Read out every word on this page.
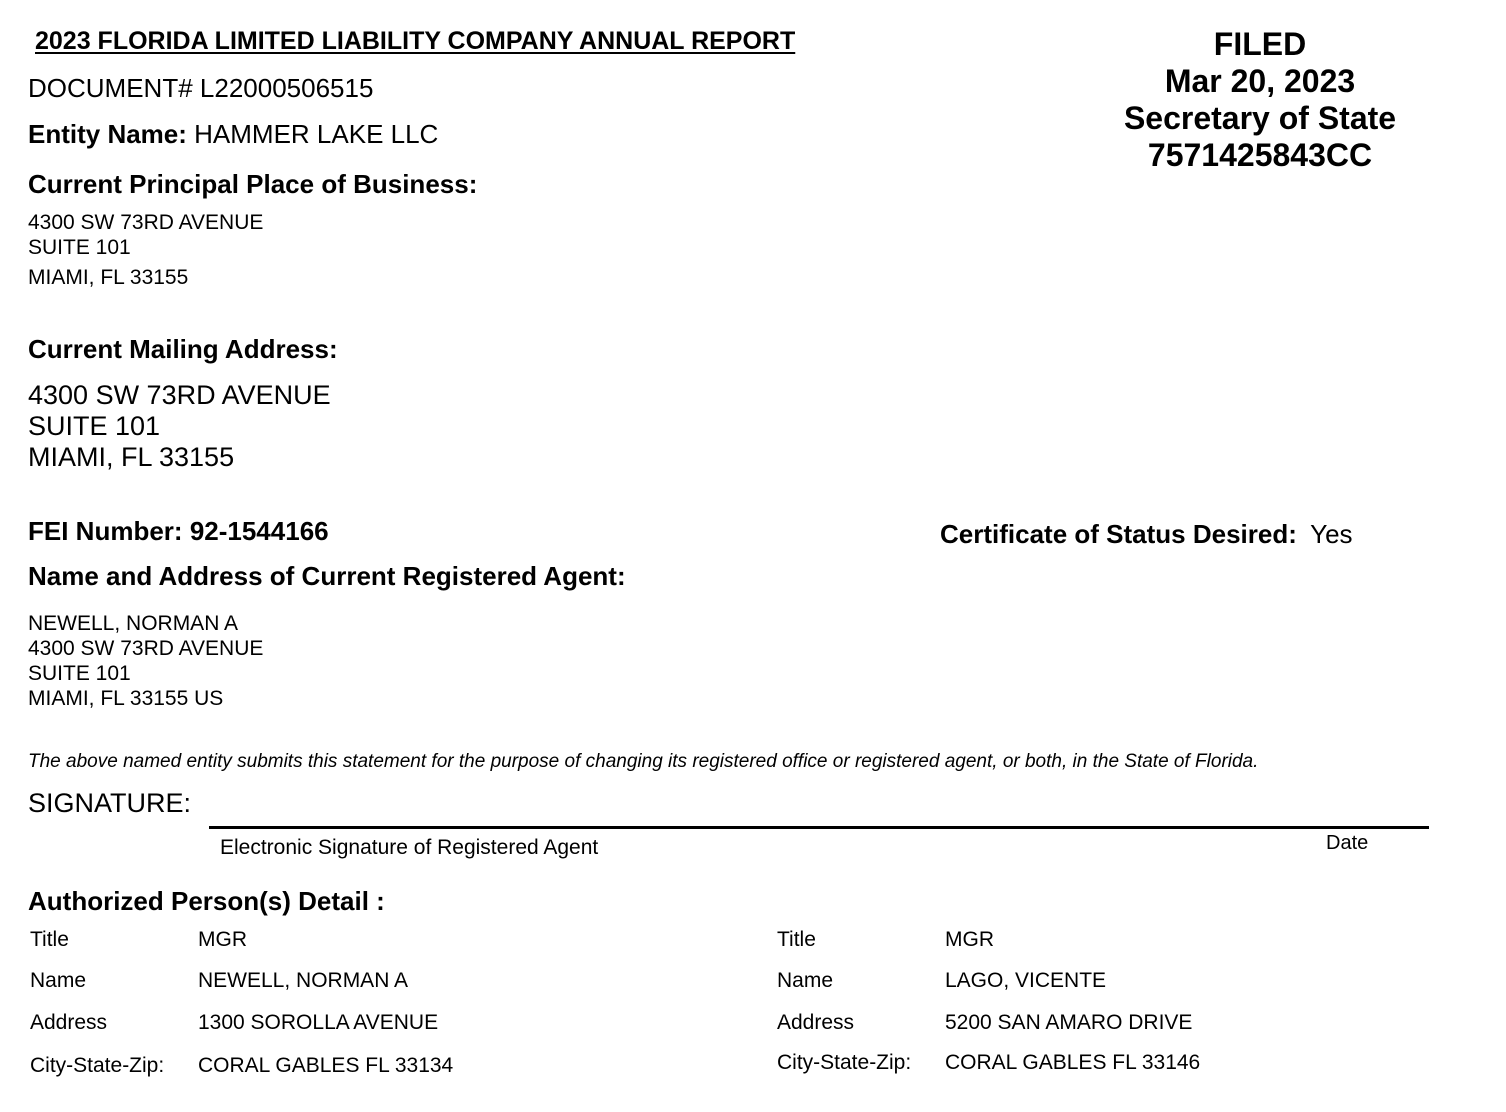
2023 FLORIDA LIMITED LIABILITY COMPANY ANNUAL REPORT
DOCUMENT# L22000506515
FILED
Mar 20, 2023
Secretary of State
7571425843CC
Entity Name: HAMMER LAKE LLC
Current Principal Place of Business:
4300 SW 73RD AVENUE
SUITE 101
MIAMI, FL 33155
Current Mailing Address:
4300 SW 73RD AVENUE
SUITE 101
MIAMI, FL 33155
FEI Number: 92-1544166	Certificate of Status Desired: Yes
Name and Address of Current Registered Agent:
NEWELL, NORMAN A
4300 SW 73RD AVENUE
SUITE 101
MIAMI, FL 33155 US
The above named entity submits this statement for the purpose of changing its registered office or registered agent, or both, in the State of Florida.
SIGNATURE:
Electronic Signature of Registered Agent	Date
Authorized Person(s) Detail :
Title	MGR
Name	NEWELL, NORMAN A
Address	1300 SOROLLA AVENUE
City-State-Zip: CORAL GABLES FL 33134
Title	MGR
Name	LAGO, VICENTE
Address	5200 SAN AMARO DRIVE
City-State-Zip: CORAL GABLES FL 33146
